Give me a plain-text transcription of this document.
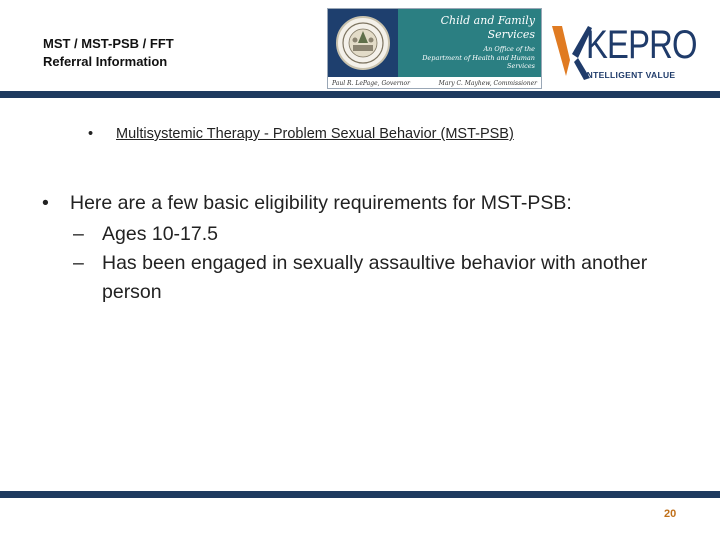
MST / MST-PSB / FFT
Referral Information
Child and Family Services
An Office of the
Department of Health and Human Services
Paul R. LePage, Governor	Mary C. Mayhew, Commissioner
KEPRO
INTELLIGENT VALUE
• Multisystemic Therapy - Problem Sexual Behavior (MST-PSB)
•	Here are a few basic eligibility requirements for MST-PSB:
– Ages 10-17.5
– Has been engaged in sexually assaultive behavior with another person
20
